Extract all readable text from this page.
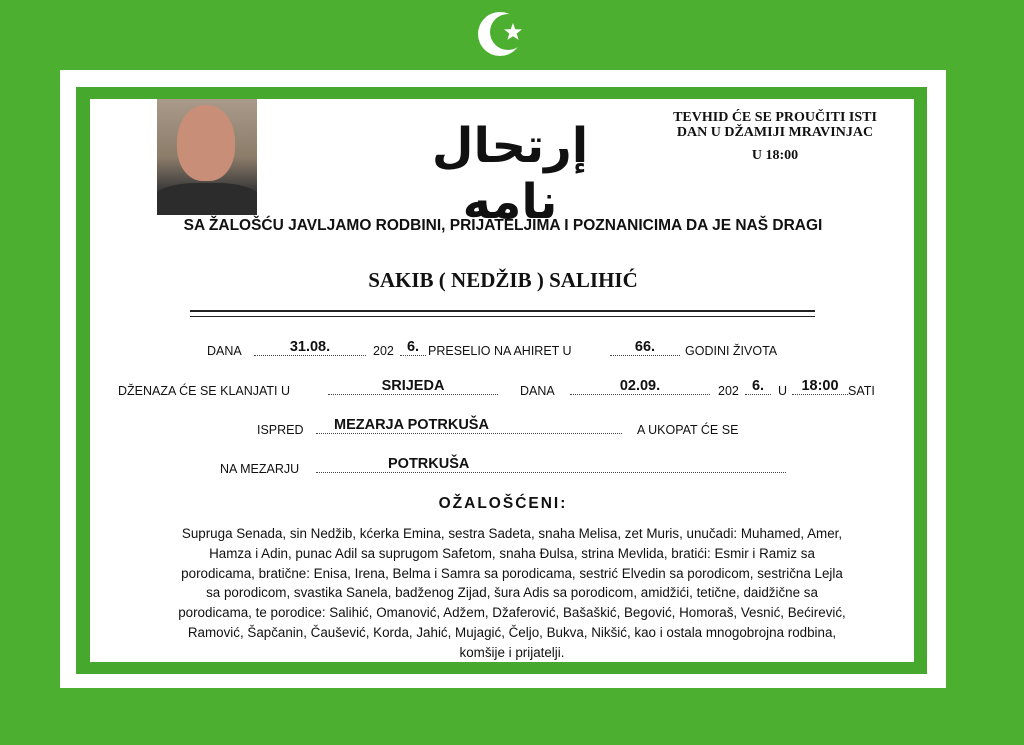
إرتحال نامه
TEVHID ĆE SE PROUČITI ISTI
DAN U DŽAMIJI MRAVINJAC
U 18:00
SA ŽALOŠĆU JAVLJAMO RODBINI, PRIJATELJIMA I POZNANICIMA DA JE NAŠ DRAGI
SAKIB ( NEDŽIB ) SALIHIĆ
DANA	31.08.	202 6. PRESELIO NA AHIRET U	66.	GODINI ŽIVOTA
DŽENAZA ĆE SE KLANJATI U	SRIJEDA	DANA	02.09.	202 6.	U 18:00 SATI
ISPRED	MEZARJA POTRKUŠA	A UKOPAT ĆE SE
NA MEZARJU	POTRKUŠA
OŽALOŠĆENI:
Supruga Senada, sin Nedžib, kćerka Emina, sestra Sadeta, snaha Melisa, zet Muris, unučadi: Muhamed, Amer,
Hamza i Adin, punac Adil sa suprugom Safetom, snaha Đulsa, strina Mevlida, bratići: Esmir i Ramiz sa
porodicama, bratične: Enisa, Irena, Belma i Samra sa porodicama, sestrić Elvedin sa porodicom, sestrična Lejla
sa porodicom, svastika Sanela, badženog Zijad, šura Adis sa porodicom, amidžići, tetične, daidžične sa
porodicama, te porodice: Salihić, Omanović, Adžem, Džaferović, Bašaškić, Begović, Homoraš, Vesnić, Bećirević,
Ramović, Šapčanin, Čaušević, Korda, Jahić, Mujagić, Čeljo, Bukva, Nikšić, kao i ostala mnogobrojna rodbina,
komšije i prijatelji.
